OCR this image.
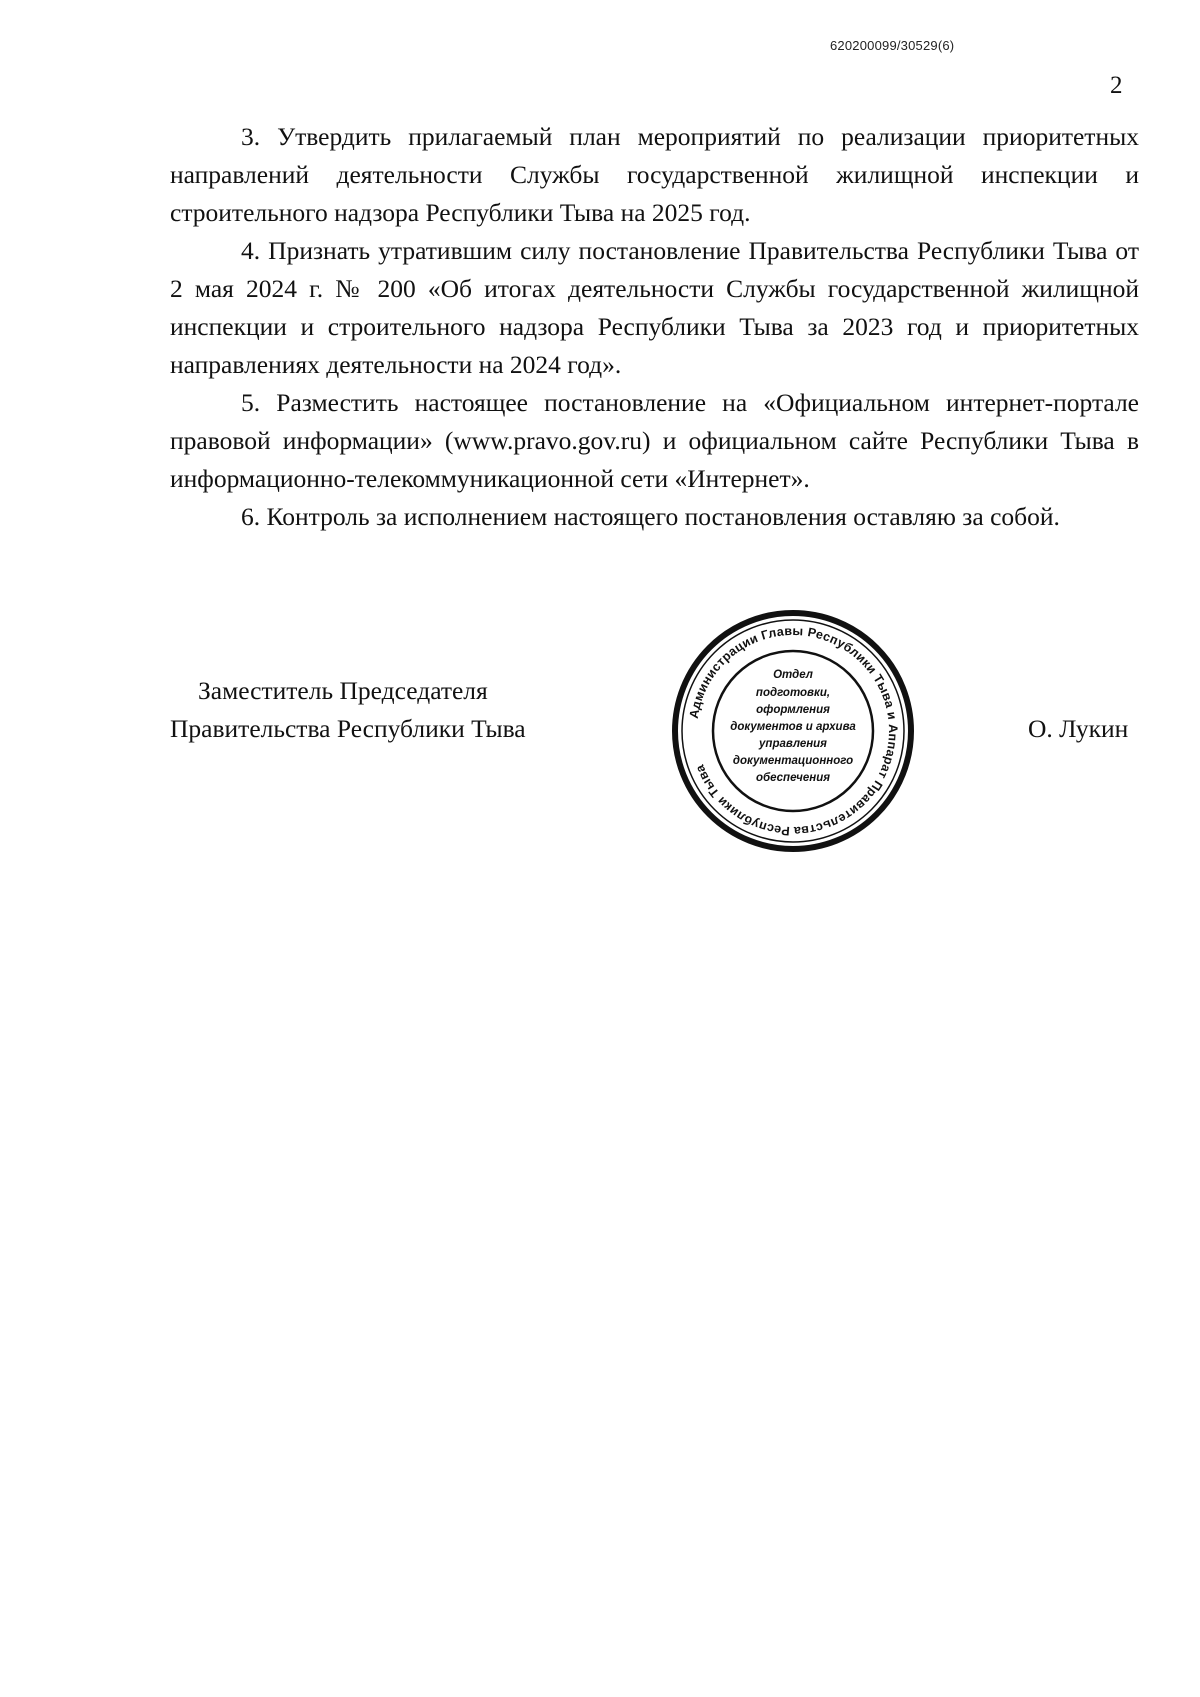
620200099/30529(6)
2

3. Утвердить прилагаемый план мероприятий по реализации приоритетных направлений деятельности Службы государственной жилищной инспекции и строительного надзора Республики Тыва на 2025 год.

4. Признать утратившим силу постановление Правительства Республики Тыва от 2 мая 2024 г. № 200 «Об итогах деятельности Службы государственной жилищной инспекции и строительного надзора Республики Тыва за 2023 год и приоритетных направлениях деятельности на 2024 год».

5. Разместить настоящее постановление на «Официальном интернет-портале правовой информации» (www.pravo.gov.ru) и официальном сайте Республики Тыва в информационно-телекоммуникационной сети «Интернет».

6. Контроль за исполнением настоящего постановления оставляю за собой.

Заместитель Председателя
Правительства Республики Тыва
Администрации Главы Республики Тыва и Аппарат Правительства Республики Тыва
Отдел
подготовки,
оформления
документов и архива
управления
документационного
обеспечения
О. Лукин
